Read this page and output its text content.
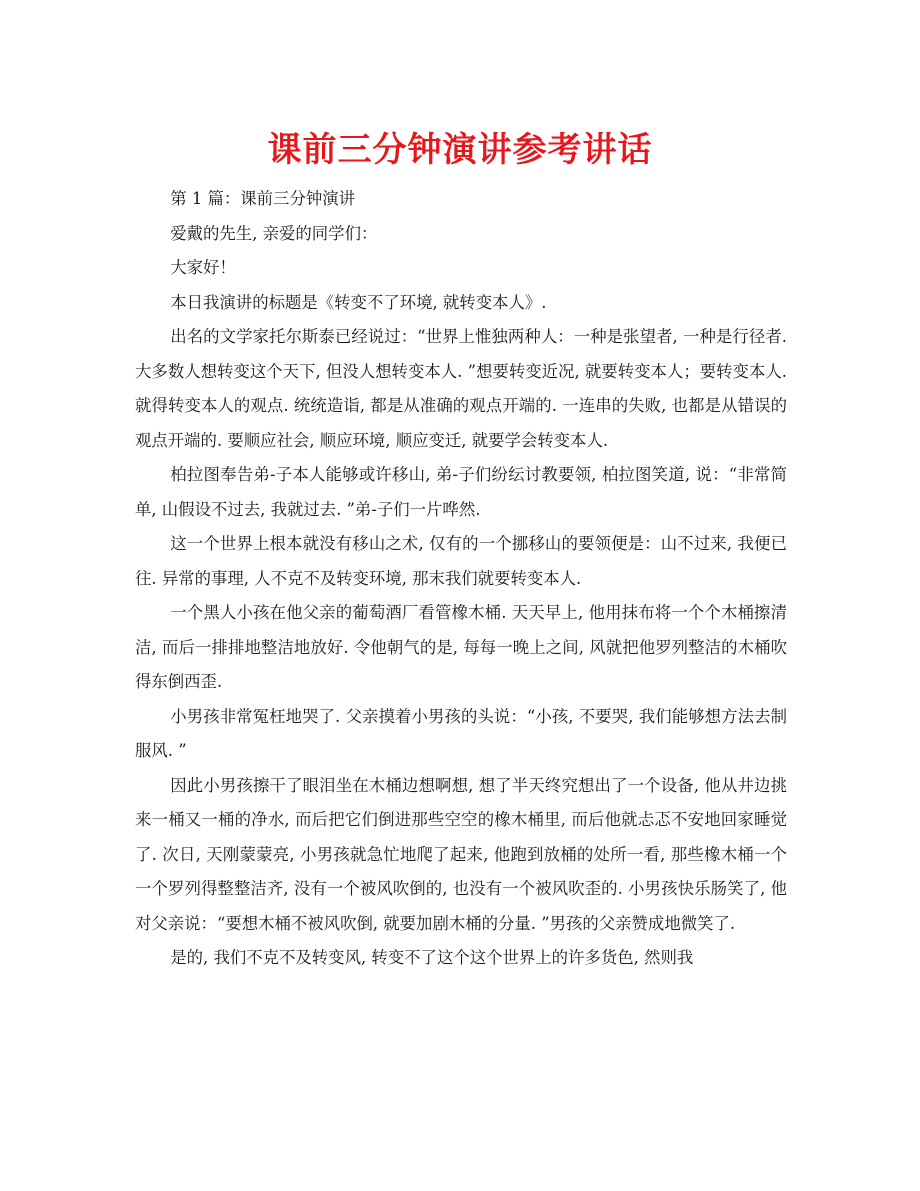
课前三分钟演讲参考讲话

第 1 篇：课前三分钟演讲

爱戴的先生, 亲爱的同学们：

大家好！

本日我演讲的标题是《转变不了环境, 就转变本人》.

出名的文学家托尔斯泰已经说过：“世界上惟独两种人：一种是张望者, 一种是行径者. 大多数人想转变这个天下, 但没人想转变本人. ”想要转变近况, 就要转变本人；要转变本人. 就得转变本人的观点. 统统造诣, 都是从准确的观点开端的. 一连串的失败, 也都是从错误的观点开端的. 要顺应社会, 顺应环境, 顺应变迁, 就要学会转变本人.

柏拉图奉告弟-子本人能够或许移山, 弟-子们纷纭讨教要领, 柏拉图笑道, 说：“非常简单, 山假设不过去, 我就过去. ”弟-子们一片哗然.

这一个世界上根本就没有移山之术, 仅有的一个挪移山的要领便是：山不过来, 我便已往. 异常的事理, 人不克不及转变环境, 那末我们就要转变本人.

一个黑人小孩在他父亲的葡萄酒厂看管橡木桶. 天天早上, 他用抹布将一个个木桶擦清洁, 而后一排排地整洁地放好. 令他朝气的是, 每每一晚上之间, 风就把他罗列整洁的木桶吹得东倒西歪.

小男孩非常冤枉地哭了. 父亲摸着小男孩的头说：“小孩, 不要哭, 我们能够想方法去制服风. ”

因此小男孩擦干了眼泪坐在木桶边想啊想, 想了半天终究想出了一个设备, 他从井边挑来一桶又一桶的净水, 而后把它们倒进那些空空的橡木桶里, 而后他就忐忑不安地回家睡觉了. 次日, 天刚蒙蒙亮, 小男孩就急忙地爬了起来, 他跑到放桶的处所一看, 那些橡木桶一个一个罗列得整整洁齐, 没有一个被风吹倒的, 也没有一个被风吹歪的. 小男孩快乐肠笑了, 他对父亲说：“要想木桶不被风吹倒, 就要加剧木桶的分量. ”男孩的父亲赞成地微笑了.

是的, 我们不克不及转变风, 转变不了这个这个世界上的许多货色, 然则我
